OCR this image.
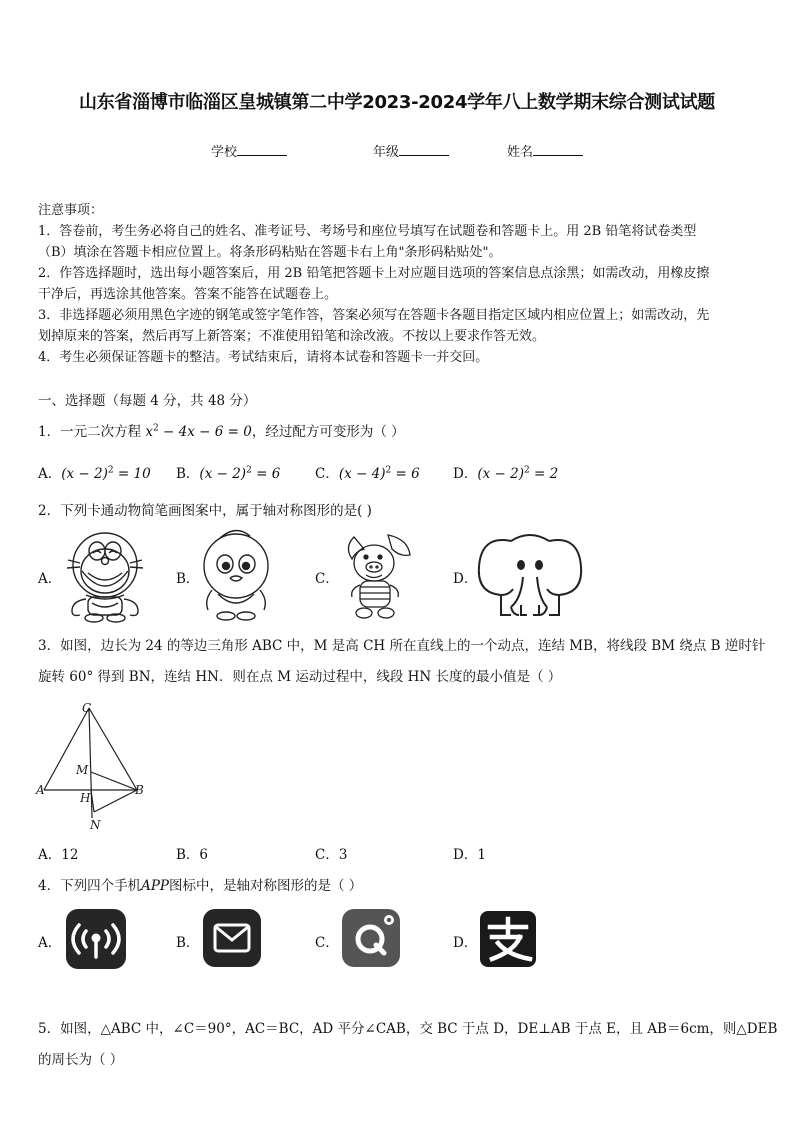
山东省淄博市临淄区皇城镇第二中学2023-2024学年八上数学期末综合测试试题
学校	年级	姓名
注意事项：
1．答卷前，考生务必将自己的姓名、准考证号、考场号和座位号填写在试题卷和答题卡上。用 2B 铅笔将试卷类型
（B）填涂在答题卡相应位置上。将条形码粘贴在答题卡右上角"条形码粘贴处"。
2．作答选择题时，选出每小题答案后，用 2B 铅笔把答题卡上对应题目选项的答案信息点涂黑；如需改动，用橡皮擦
干净后，再选涂其他答案。答案不能答在试题卷上。
3．非选择题必须用黑色字迹的钢笔或签字笔作答，答案必须写在答题卡各题目指定区域内相应位置上；如需改动，先
划掉原来的答案，然后再写上新答案；不准使用铅笔和涂改液。不按以上要求作答无效。
4．考生必须保证答题卡的整洁。考试结束后，请将本试卷和答题卡一并交回。
一、选择题（每题 4 分，共 48 分）
1．一元二次方程 $x^2 - 4x - 6 = 0$，经过配方可变形为（ ）
A．$(x - 2)^2 = 10$ B．$(x - 2)^2 = 6$	C．$(x - 4)^2 = 6$ D．$(x - 2)^2 = 2$
2．下列卡通动物简笔画图案中，属于轴对称图形的是( )
A．	B．	C．	D．
3．如图，边长为 24 的等边三角形 ABC 中，M 是高 CH 所在直线上的一个动点，连结 MB，将线段 BM 绕点 B 逆时针
旋转 60° 得到 BN，连结 HN．则在点 M 运动过程中，线段 HN 长度的最小值是（ ）
C
M
A
H
B
N
A．12	B．6	C．3	D．1
4．下列四个手机APP图标中，是轴对称图形的是（ ）
A．	B．	C．	D．
5．如图，△ABC 中，∠C＝90°，AC＝BC，AD 平分∠CAB，交 BC 于点 D，DE⊥AB 于点 E，且 AB＝6cm，则△DEB
的周长为（ ）
